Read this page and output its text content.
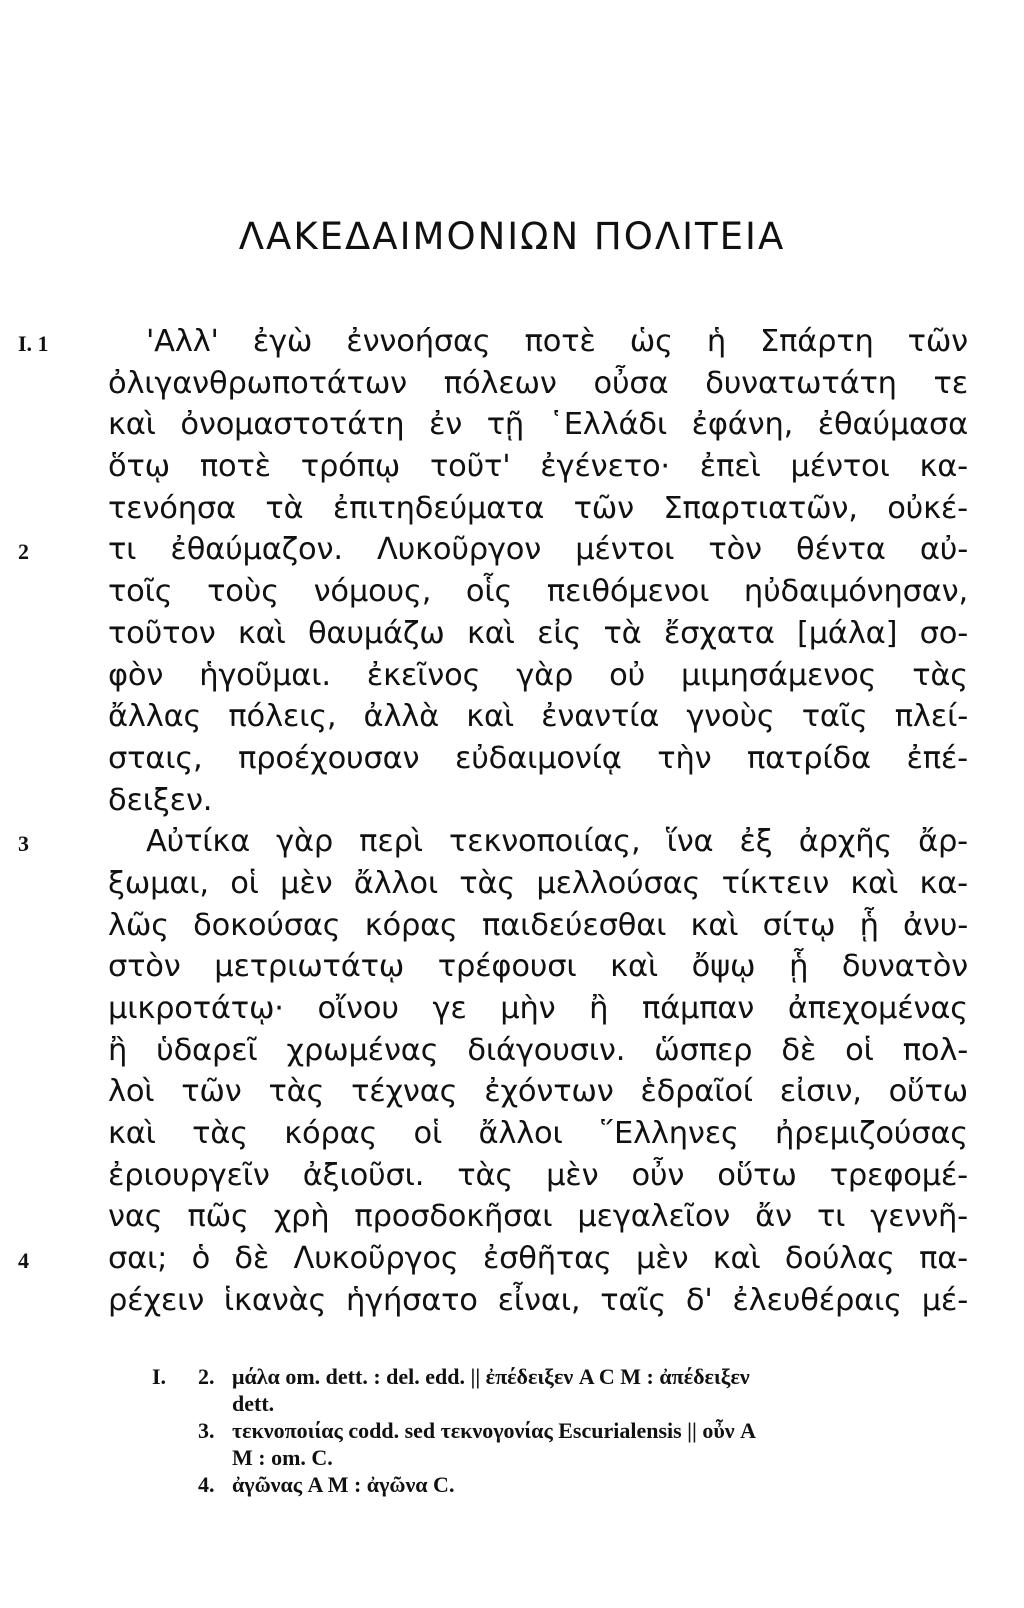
ΛΑΚΕΔΑΙΜΟΝΙΩΝ ΠΟΛΙΤΕΙΑ
I. 1	'Αλλ' ἐγὼ ἐννοήσας ποτὲ ὡς ἡ Σπάρτη τῶν
ὀλιγανθρωποτάτων πόλεων οὖσα δυνατωτάτη τε
καὶ ὀνομαστοτάτη ἐν τῇ ῾Ελλάδι ἐφάνη, ἐθαύμασα
ὅτῳ ποτὲ τρόπῳ τοῦτ' ἐγένετο· ἐπεὶ μέντοι κα-
τενόησα τὰ ἐπιτηδεύματα τῶν Σπαρτιατῶν, οὐκέ-
2	τι ἐθαύμαζον. Λυκοῦργον μέντοι τὸν θέντα αὐ-
τοῖς τοὺς νόμους, οἷς πειθόμενοι ηὐδαιμόνησαν,
τοῦτον καὶ θαυμάζω καὶ εἰς τὰ ἔσχατα [μάλα] σο-
φὸν ἡγοῦμαι. ἐκεῖνος γὰρ οὐ μιμησάμενος τὰς
ἄλλας πόλεις, ἀλλὰ καὶ ἐναντία γνοὺς ταῖς πλεί-
σταις, προέχουσαν εὐδαιμονίᾳ τὴν πατρίδα ἐπέ-
δειξεν.
3	Αὐτίκα γὰρ περὶ τεκνοποιίας, ἵνα ἐξ ἀρχῆς ἄρ-
ξωμαι, οἱ μὲν ἄλλοι τὰς μελλούσας τίκτειν καὶ κα-
λῶς δοκούσας κόρας παιδεύεσθαι καὶ σίτῳ ᾗ ἀνυ-
στὸν μετριωτάτῳ τρέφουσι καὶ ὄψῳ ᾗ δυνατὸν
μικροτάτῳ· οἴνου γε μὴν ἢ πάμπαν ἀπεχομένας
ἢ ὑδαρεῖ χρωμένας διάγουσιν. ὥσπερ δὲ οἱ πολ-
λοὶ τῶν τὰς τέχνας ἐχόντων ἑδραῖοί εἰσιν, οὕτω
καὶ τὰς κόρας οἱ ἄλλοι ῞Ελληνες ἠρεμιζούσας
ἐριουργεῖν ἀξιοῦσι. τὰς μὲν οὖν οὕτω τρεφομέ-
νας πῶς χρὴ προσδοκῆσαι μεγαλεῖον ἄν τι γεννῆ-
4	σαι; ὁ δὲ Λυκοῦργος ἐσθῆτας μὲν καὶ δούλας πα-
ρέχειν ἱκανὰς ἡγήσατο εἶναι, ταῖς δ' ἐλευθέραις μέ-
I. 2. μάλα om. dett. : del. edd. || ἐπέδειξεν A C M : ἀπέδειξεν
dett.
3. τεκνοποιίας codd. sed τεκνογονίας Escurialensis || οὖν A
M : om. C.
4. ἀγῶνας A M : ἀγῶνα C.
